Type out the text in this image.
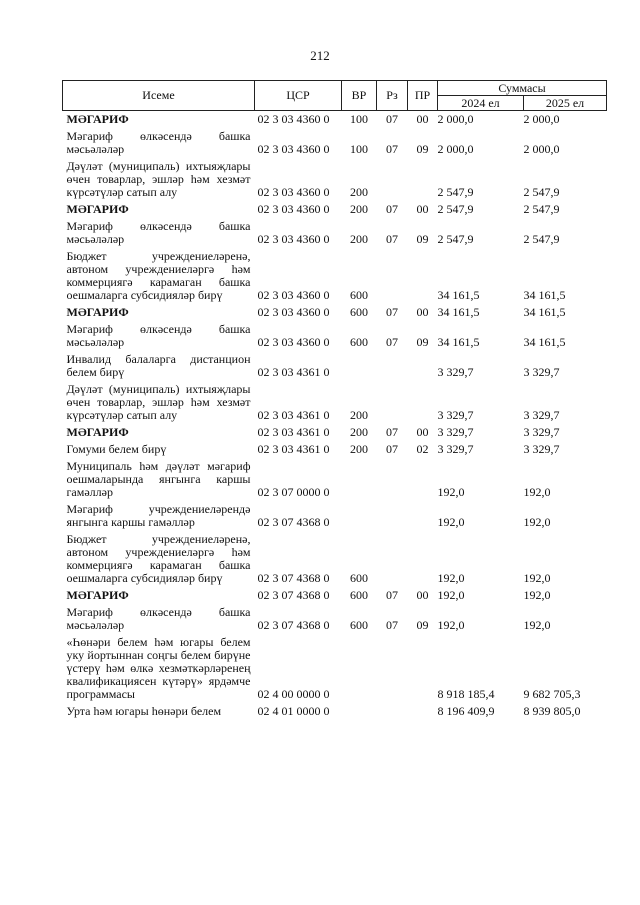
212
Исеме	ЦСР	ВР	Рз	ПР	Суммасы	
					2024 ел	2025 ел
МӘГАРИФ	02 3 03 4360 0	100	07	00	2 000,0	2 000,0
Мәгариф өлкәсендә башка мәсьәләләр	02 3 03 4360 0	100	07	09	2 000,0	2 000,0
Дәүләт (муниципаль) ихтыяҗлары өчен товарлар, эшләр һәм хезмәт күрсәтүләр сатып алу	02 3 03 4360 0	200			2 547,9	2 547,9
МӘГАРИФ	02 3 03 4360 0	200	07	00	2 547,9	2 547,9
Мәгариф өлкәсендә башка мәсьәләләр	02 3 03 4360 0	200	07	09	2 547,9	2 547,9
Бюджет учреждениеләренә, автоном учреждениеләргә һәм коммерциягә карамаган башка оешмаларга субсидияләр бирү	02 3 03 4360 0	600			34 161,5	34 161,5
МӘГАРИФ	02 3 03 4360 0	600	07	00	34 161,5	34 161,5
Мәгариф өлкәсендә башка мәсьәләләр	02 3 03 4360 0	600	07	09	34 161,5	34 161,5
Инвалид балаларга дистанцион белем бирү	02 3 03 4361 0				3 329,7	3 329,7
Дәүләт (муниципаль) ихтыяҗлары өчен товарлар, эшләр һәм хезмәт күрсәтүләр сатып алу	02 3 03 4361 0	200			3 329,7	3 329,7
МӘГАРИФ	02 3 03 4361 0	200	07	00	3 329,7	3 329,7
Гомуми белем бирү	02 3 03 4361 0	200	07	02	3 329,7	3 329,7
Муниципаль һәм дәүләт мәгариф оешмаларында янгынга каршы гамәлләр	02 3 07 0000 0				192,0	192,0
Мәгариф учреждениеләрендә янгынга каршы гамәлләр	02 3 07 4368 0				192,0	192,0
Бюджет учреждениеләренә, автоном учреждениеләргә һәм коммерциягә карамаган башка оешмаларга субсидияләр бирү	02 3 07 4368 0	600			192,0	192,0
МӘГАРИФ	02 3 07 4368 0	600	07	00	192,0	192,0
Мәгариф өлкәсендә башка мәсьәләләр	02 3 07 4368 0	600	07	09	192,0	192,0
«Һөнәри белем һәм югары белем уку йортыннан соңгы белем бирүне үстерү һәм өлкә хезмәткәрләренең квалификациясен күтәрү» ярдәмче программасы	02 4 00 0000 0				8 918 185,4	9 682 705,3
Урта һәм югары һөнәри белем	02 4 01 0000 0				8 196 409,9	8 939 805,0
